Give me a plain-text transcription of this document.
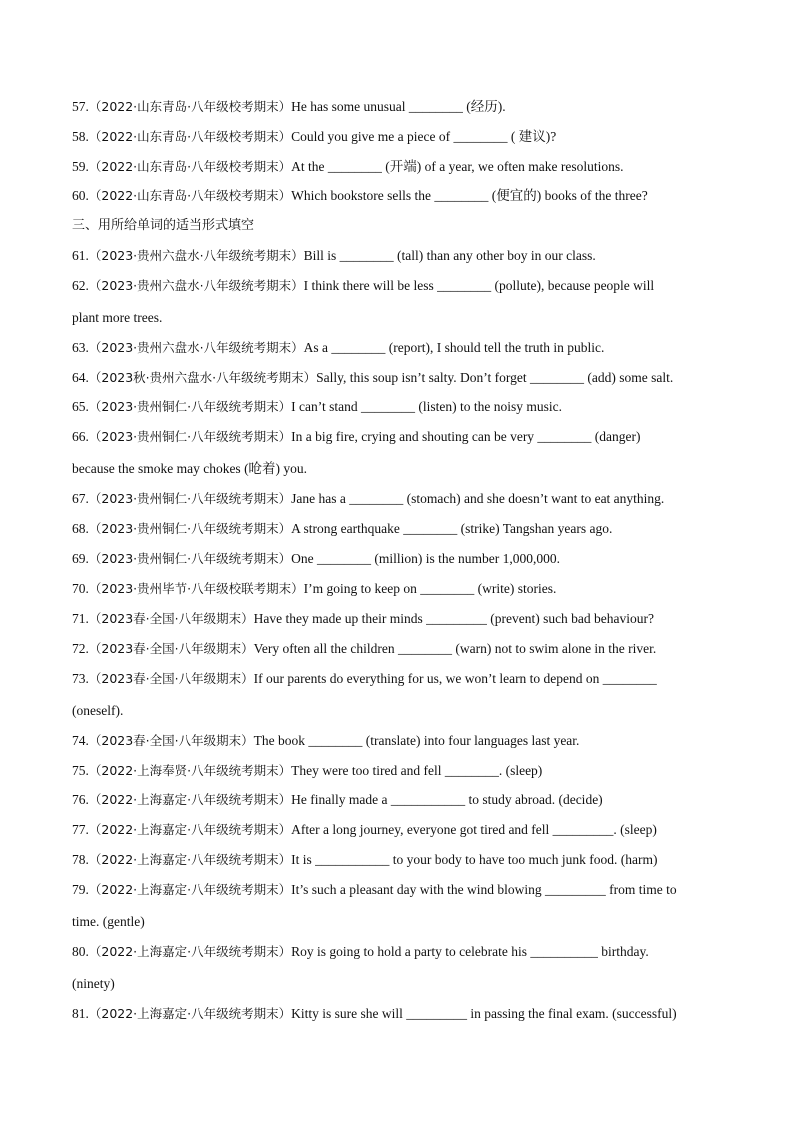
57.（2022·山东青岛·八年级校考期末）He has some unusual ________ (经历).
58.（2022·山东青岛·八年级校考期末）Could you give me a piece of ________ ( 建议)?
59.（2022·山东青岛·八年级校考期末）At the ________ (开端) of a year, we often make resolutions.
60.（2022·山东青岛·八年级校考期末）Which bookstore sells the ________ (便宜的) books of the three?
三、用所给单词的适当形式填空
61.（2023·贵州六盘水·八年级统考期末）Bill is ________ (tall) than any other boy in our class.
62.（2023·贵州六盘水·八年级统考期末）I think there will be less ________ (pollute), because people will
plant more trees.
63.（2023·贵州六盘水·八年级统考期末）As a ________ (report), I should tell the truth in public.
64.（2023秋·贵州六盘水·八年级统考期末）Sally, this soup isn’t salty. Don’t forget ________ (add) some salt.
65.（2023·贵州铜仁·八年级统考期末）I can’t stand ________ (listen) to the noisy music.
66.（2023·贵州铜仁·八年级统考期末）In a big fire, crying and shouting can be very ________ (danger)
because the smoke may chokes (呛着) you.
67.（2023·贵州铜仁·八年级统考期末）Jane has a ________ (stomach) and she doesn’t want to eat anything.
68.（2023·贵州铜仁·八年级统考期末）A strong earthquake ________ (strike) Tangshan years ago.
69.（2023·贵州铜仁·八年级统考期末）One ________ (million) is the number 1,000,000.
70.（2023·贵州毕节·八年级校联考期末）I’m going to keep on ________ (write) stories.
71.（2023春·全国·八年级期末）Have they made up their minds _________ (prevent) such bad behaviour?
72.（2023春·全国·八年级期末）Very often all the children ________ (warn) not to swim alone in the river.
73.（2023春·全国·八年级期末）If our parents do everything for us, we won’t learn to depend on ________
(oneself).
74.（2023春·全国·八年级期末）The book ________ (translate) into four languages last year.
75.（2022·上海奉贤·八年级统考期末）They were too tired and fell ________. (sleep)
76.（2022·上海嘉定·八年级统考期末）He finally made a ___________ to study abroad. (decide)
77.（2022·上海嘉定·八年级统考期末）After a long journey, everyone got tired and fell _________. (sleep)
78.（2022·上海嘉定·八年级统考期末）It is ___________ to your body to have too much junk food. (harm)
79.（2022·上海嘉定·八年级统考期末）It’s such a pleasant day with the wind blowing _________ from time to
time. (gentle)
80.（2022·上海嘉定·八年级统考期末）Roy is going to hold a party to celebrate his __________ birthday.
(ninety)
81.（2022·上海嘉定·八年级统考期末）Kitty is sure she will _________ in passing the final exam. (successful)
